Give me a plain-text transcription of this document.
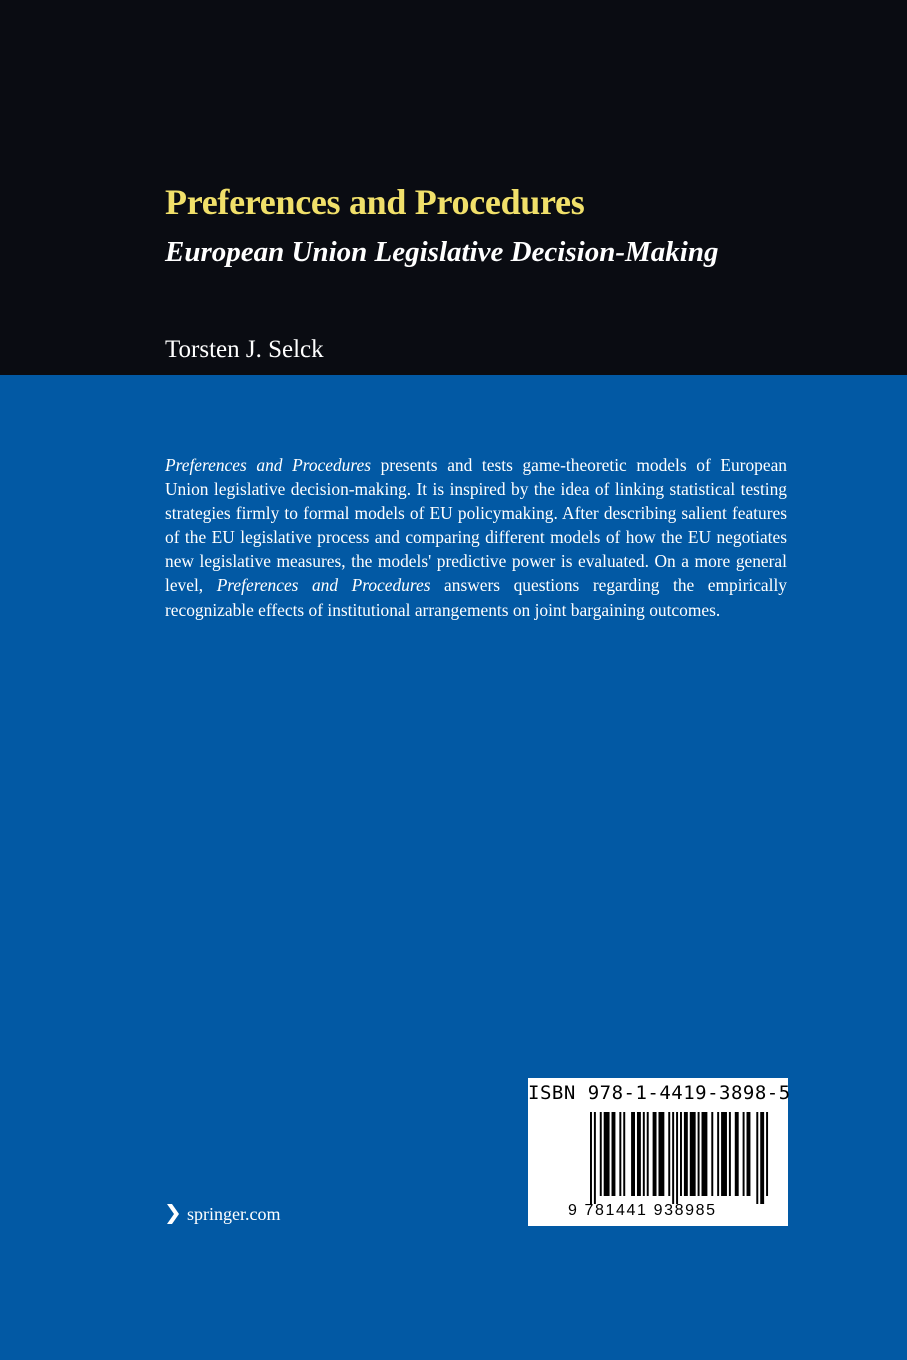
Preferences and Procedures
European Union Legislative Decision-Making
Torsten J. Selck

Preferences and Procedures presents and tests game-theoretic models of European Union legislative decision-making. It is inspired by the idea of linking statistical testing strategies firmly to formal models of EU policymaking. After describing salient features of the EU legislative process and comparing different models of how the EU negotiates new legislative measures, the models' predictive power is evaluated. On a more general level, Preferences and Procedures answers questions regarding the empirically recognizable effects of institutional arrangements on joint bargaining outcomes.

springer.com
ISBN 978-1-4419-3898-5
9 781441 938985
